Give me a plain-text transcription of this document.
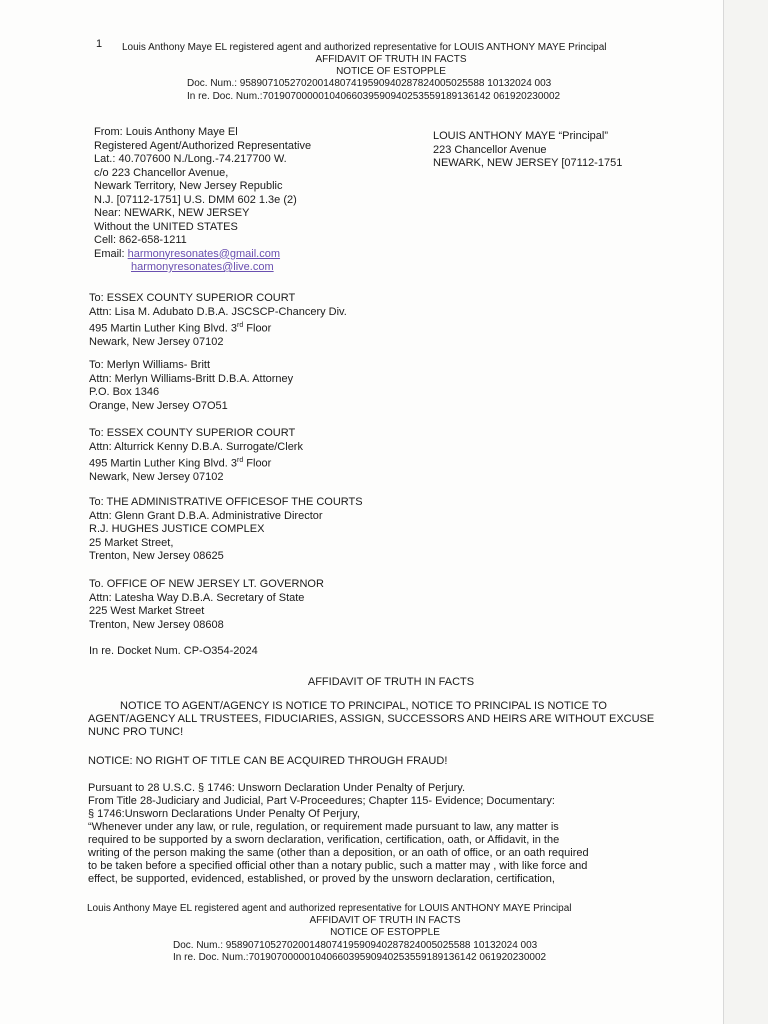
1 Louis Anthony Maye EL registered agent and authorized representative for LOUIS ANTHONY MAYE Principal
AFFIDAVIT OF TRUTH IN FACTS
NOTICE OF ESTOPPLE
Doc. Num.: 95890710527020014807419590940287824005025588 10132024 003
In re. Doc. Num.:70190700000104066039590940253559189136142 061920230002
From: Louis Anthony Maye El
Registered Agent/Authorized Representative
Lat.: 40.707600 N./Long.-74.217700 W.
c/o 223 Chancellor Avenue,
Newark Territory, New Jersey Republic
N.J. [07112-1751] U.S. DMM 602 1.3e (2)
Near: NEWARK, NEW JERSEY
Without the UNITED STATES
Cell: 862-658-1211
Email: harmonyresonates@gmail.com
harmonyresonates@live.com
LOUIS ANTHONY MAYE “Principal”
223 Chancellor Avenue
NEWARK, NEW JERSEY [07112-1751
To: ESSEX COUNTY SUPERIOR COURT
Attn: Lisa M. Adubato D.B.A. JSCSCP-Chancery Div.
495 Martin Luther King Blvd. 3rd Floor
Newark, New Jersey 07102
To: Merlyn Williams- Britt
Attn: Merlyn Williams-Britt D.B.A. Attorney
P.O. Box 1346
Orange, New Jersey O7O51
To: ESSEX COUNTY SUPERIOR COURT
Attn: Alturrick Kenny D.B.A. Surrogate/Clerk
495 Martin Luther King Blvd. 3rd Floor
Newark, New Jersey 07102
To: THE ADMINISTRATIVE OFFICESOF THE COURTS
Attn: Glenn Grant D.B.A. Administrative Director
R.J. HUGHES JUSTICE COMPLEX
25 Market Street,
Trenton, New Jersey 08625
To. OFFICE OF NEW JERSEY LT. GOVERNOR
Attn: Latesha Way D.B.A. Secretary of State
225 West Market Street
Trenton, New Jersey 08608
In re. Docket Num. CP-O354-2024
AFFIDAVIT OF TRUTH IN FACTS
NOTICE TO AGENT/AGENCY IS NOTICE TO PRINCIPAL, NOTICE TO PRINCIPAL IS NOTICE TO
AGENT/AGENCY ALL TRUSTEES, FIDUCIARIES, ASSIGN, SUCCESSORS AND HEIRS ARE WITHOUT EXCUSE
NUNC PRO TUNC!
NOTICE: NO RIGHT OF TITLE CAN BE ACQUIRED THROUGH FRAUD!
Pursuant to 28 U.S.C. § 1746: Unsworn Declaration Under Penalty of Perjury.
From Title 28-Judiciary and Judicial, Part V-Proceedures; Chapter 115- Evidence; Documentary:
§ 1746:Unsworn Declarations Under Penalty Of Perjury,
“Whenever under any law, or rule, regulation, or requirement made pursuant to law, any matter is
required to be supported by a sworn declaration, verification, certification, oath, or Affidavit, in the
writing of the person making the same (other than a deposition, or an oath of office, or an oath required
to be taken before a specified official other than a notary public, such a matter may , with like force and
effect, be supported, evidenced, established, or proved by the unsworn declaration, certification,
Louis Anthony Maye EL registered agent and authorized representative for LOUIS ANTHONY MAYE Principal
AFFIDAVIT OF TRUTH IN FACTS
NOTICE OF ESTOPPLE
Doc. Num.: 95890710527020014807419590940287824005025588 10132024 003
In re. Doc. Num.:70190700000104066039590940253559189136142 061920230002
